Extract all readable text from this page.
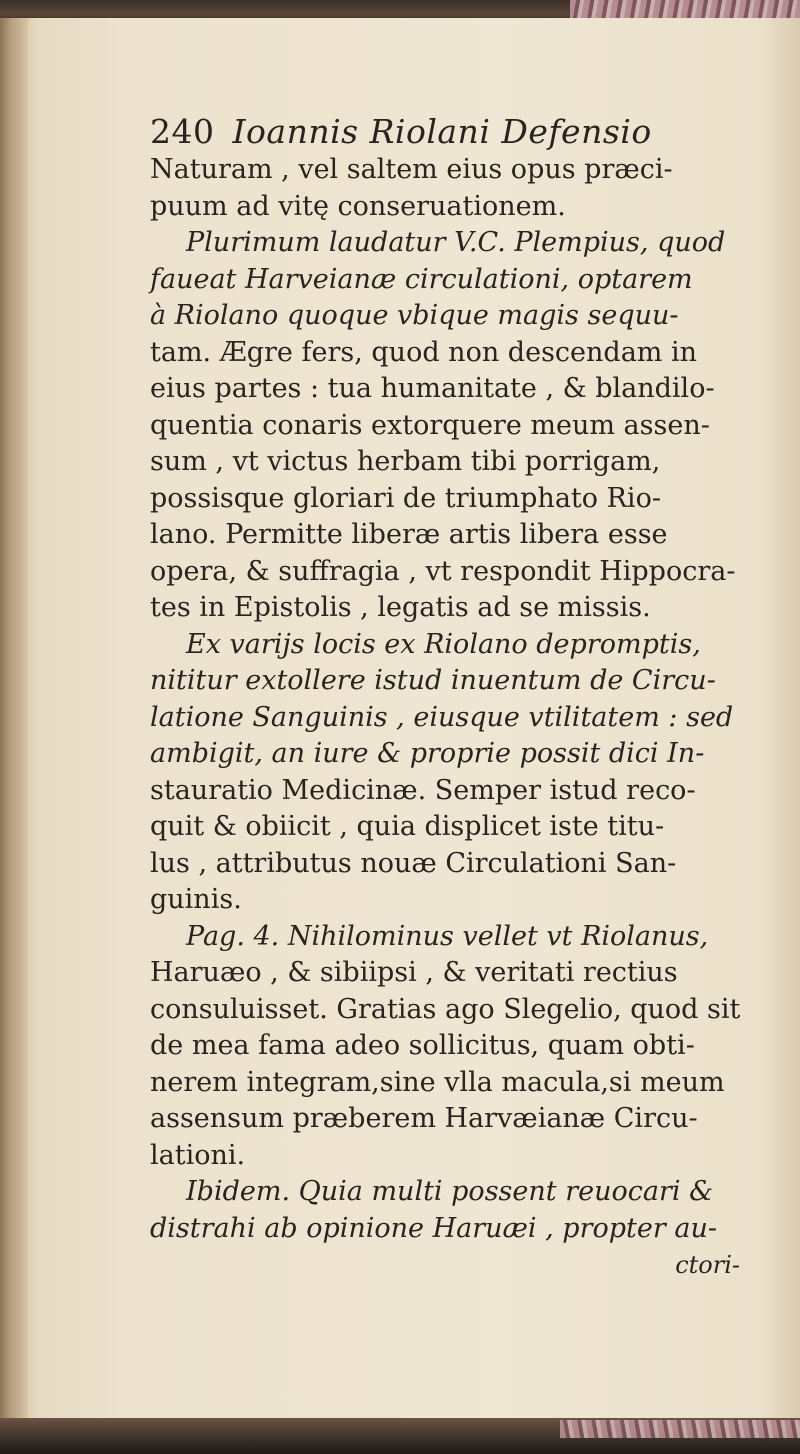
240 Ioannis Riolani Defensio
Naturam , vel saltem eius opus præci-
puum ad vitę conseruationem.
Plurimum laudatur V.C. Plempius, quod
faueat Harveianæ circulationi, optarem
à Riolano quoque vbique magis sequu-
tam. Ægre fers, quod non descendam in
eius partes : tua humanitate , & blandilo-
quentia conaris extorquere meum assen-
sum , vt victus herbam tibi porrigam,
possisque gloriari de triumphato Rio-
lano. Permitte liberæ artis libera esse
opera, & suffragia , vt respondit Hippocra-
tes in Epistolis , legatis ad se missis.
Ex varijs locis ex Riolano depromptis,
nititur extollere istud inuentum de Circu-
latione Sanguinis , eiusque vtilitatem : sed
ambigit, an iure & proprie possit dici In-
stauratio Medicinæ. Semper istud reco-
quit & obiicit , quia displicet iste titu-
lus , attributus nouæ Circulationi San-
guinis.
Pag. 4. Nihilominus vellet vt Riolanus,
Haruæo , & sibiipsi , & veritati rectius
consuluisset. Gratias ago Slegelio, quod sit
de mea fama adeo sollicitus, quam obti-
nerem integram,sine vlla macula,si meum
assensum præberem Harvæianæ Circu-
lationi.
Ibidem. Quia multi possent reuocari &
distrahi ab opinione Haruæi , propter au-
ctori-
